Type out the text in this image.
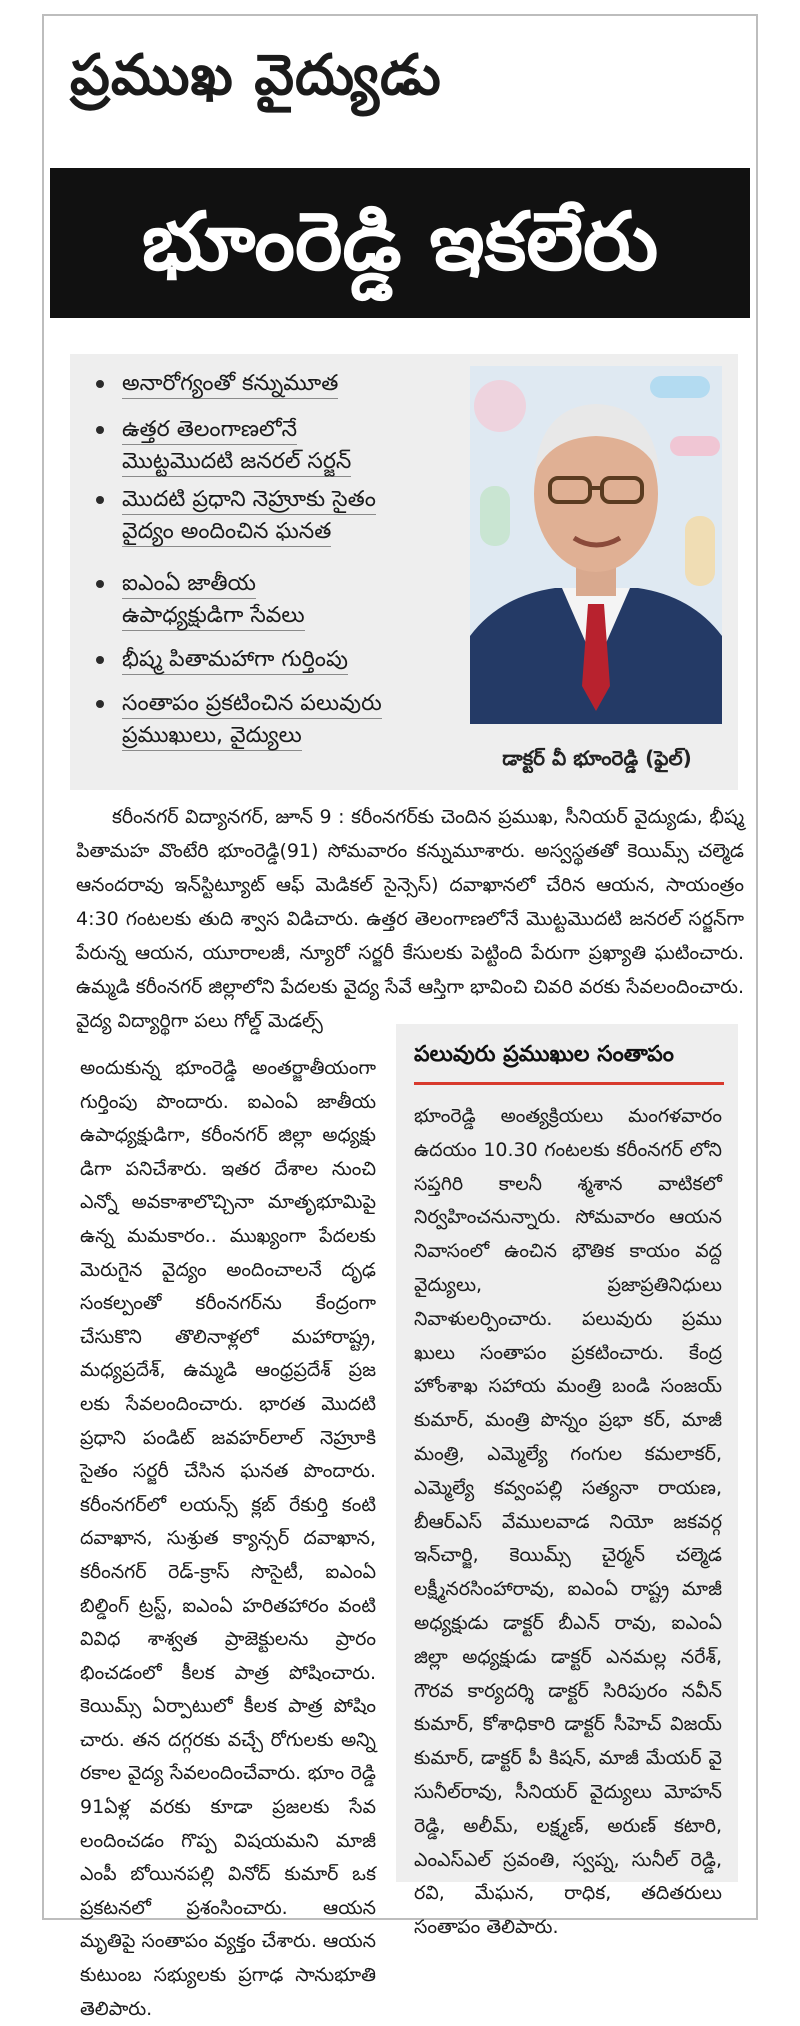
ప్రముఖ వైద్యుడు
భూంరెడ్డి ఇకలేరు
అనారోగ్యంతో కన్నుమూత
ఉత్తర తెలంగాణలోనే మొట్టమొదటి జనరల్ సర్జన్
మొదటి ప్రధాని నెహ్రూకు సైతం వైద్యం అందించిన ఘనత
ఐఎంఏ జాతీయ ఉపాధ్యక్షుడిగా సేవలు
భీష్మ పితామహాగా గుర్తింపు
సంతాపం ప్రకటించిన పలువురు ప్రముఖులు, వైద్యులు
డాక్టర్ వీ భూంరెడ్డి (ఫైల్)

కరీంనగర్ విద్యానగర్, జూన్ 9 : కరీంనగర్‌కు చెందిన ప్రముఖ, సీనియర్ వైద్యుడు, భీష్మ పితామహ వొంటేరి భూంరెడ్డి(91) సోమవారం కన్నుమూశారు. అస్వస్థతతో కెయిమ్స్ చల్మెడ ఆనందరావు ఇన్‌స్టిట్యూట్ ఆఫ్ మెడికల్ సైన్సెస్) దవాఖానలో చేరిన ఆయన, సాయంత్రం 4:30 గంటలకు తుది శ్వాస విడిచారు. ఉత్తర తెలంగాణలోనే మొట్టమొదటి జనరల్ సర్జన్‌గా పేరున్న ఆయన, యూరాలజీ, న్యూరో సర్జరీ కేసులకు పెట్టింది పేరుగా ప్రఖ్యాతి ఘటించారు. ఉమ్మడి కరీంనగర్ జిల్లాలోని పేదలకు వైద్య సేవే ఆస్తిగా భావించి చివరి వరకు సేవలందించారు. వైద్య విద్యార్థిగా పలు గోల్డ్ మెడల్స్

అందుకున్న భూంరెడ్డి అంతర్జాతీయంగా గుర్తింపు పొందారు. ఐఎంఏ జాతీయ ఉపాధ్యక్షుడిగా, కరీంనగర్ జిల్లా అధ్యక్షు డిగా పనిచేశారు. ఇతర దేశాల నుంచి ఎన్నో అవకాశాలొచ్చినా మాతృభూమిపై ఉన్న మమకారం.. ముఖ్యంగా పేదలకు మెరుగైన వైద్యం అందించాలనే దృఢ సంకల్పంతో కరీంనగర్‌ను కేంద్రంగా చేసుకొని తొలినాళ్లలో మహారాష్ట్ర, మధ్యప్రదేశ్, ఉమ్మడి ఆంధ్రప్రదేశ్ ప్రజ లకు సేవలందించారు. భారత మొదటి ప్రధాని పండిట్ జవహర్‌లాల్ నెహ్రూకి సైతం సర్జరీ చేసిన ఘనత పొందారు. కరీంనగర్‌లో లయన్స్ క్లబ్ రేకుర్తి కంటి దవాఖాన, సుశ్రుత క్యాన్సర్ దవాఖాన, కరీంనగర్ రెడ్-క్రాస్ సొసైటీ, ఐఎంఏ బిల్డింగ్ ట్రస్ట్, ఐఎంఏ హరితహారం వంటి వివిధ శాశ్వత ప్రాజెక్టులను ప్రారం భించడంలో కీలక పాత్ర పోషించారు. కెయిమ్స్ ఏర్పాటులో కీలక పాత్ర పోషిం చారు. తన దగ్గరకు వచ్చే రోగులకు అన్ని రకాల వైద్య సేవలందించేవారు. భూం రెడ్డి 91ఏళ్ల వరకు కూడా ప్రజలకు సేవ లందించడం గొప్ప విషయమని మాజీ ఎంపీ బోయినపల్లి వినోద్ కుమార్ ఒక ప్రకటనలో ప్రశంసించారు. ఆయన మృతిపై సంతాపం వ్యక్తం చేశారు. ఆయన కుటుంబ సభ్యులకు ప్రగాఢ సానుభూతి తెలిపారు.

పలువురు ప్రముఖుల సంతాపం

భూంరెడ్డి అంత్యక్రియలు మంగళవారం ఉదయం 10.30 గంటలకు కరీంనగర్ లోని సప్తగిరి కాలనీ శ్మశాన వాటికలో నిర్వహించనున్నారు. సోమవారం ఆయన నివాసంలో ఉంచిన భౌతిక కాయం వద్ద వైద్యులు, ప్రజాప్రతినిధులు నివాళులర్పించారు. పలువురు ప్రము ఖులు సంతాపం ప్రకటించారు. కేంద్ర హోంశాఖ సహాయ మంత్రి బండి సంజయ్ కుమార్, మంత్రి పొన్నం ప్రభా కర్, మాజీ మంత్రి, ఎమ్మెల్యే గంగుల కమలాకర్, ఎమ్మెల్యే కవ్వంపల్లి సత్యనా రాయణ, బీఆర్‌ఎస్ వేములవాడ నియో జకవర్గ ఇన్‌చార్జి, కెయిమ్స్ చైర్మన్ చల్మెడ లక్ష్మీనరసింహారావు, ఐఎంఏ రాష్ట్ర మాజీ అధ్యక్షుడు డాక్టర్ బీఎన్ రావు, ఐఎంఏ జిల్లా అధ్యక్షుడు డాక్టర్ ఎనమల్ల నరేశ్, గౌరవ కార్యదర్శి డాక్టర్ సిరిపురం నవీన్ కుమార్, కోశాధికారి డాక్టర్ సీహెచ్ విజయ్ కుమార్, డాక్టర్ పీ కిషన్, మాజీ మేయర్ వై సునీల్‌రావు, సీనియర్ వైద్యులు మోహన్ రెడ్డి, అలీమ్, లక్ష్మణ్, అరుణ్ కటారి, ఎంఎస్‌ఎల్ స్రవంతి, స్వప్న, సునీల్ రెడ్డి, రవి, మేఘన, రాధిక, తదితరులు సంతాపం తెలిపారు.
